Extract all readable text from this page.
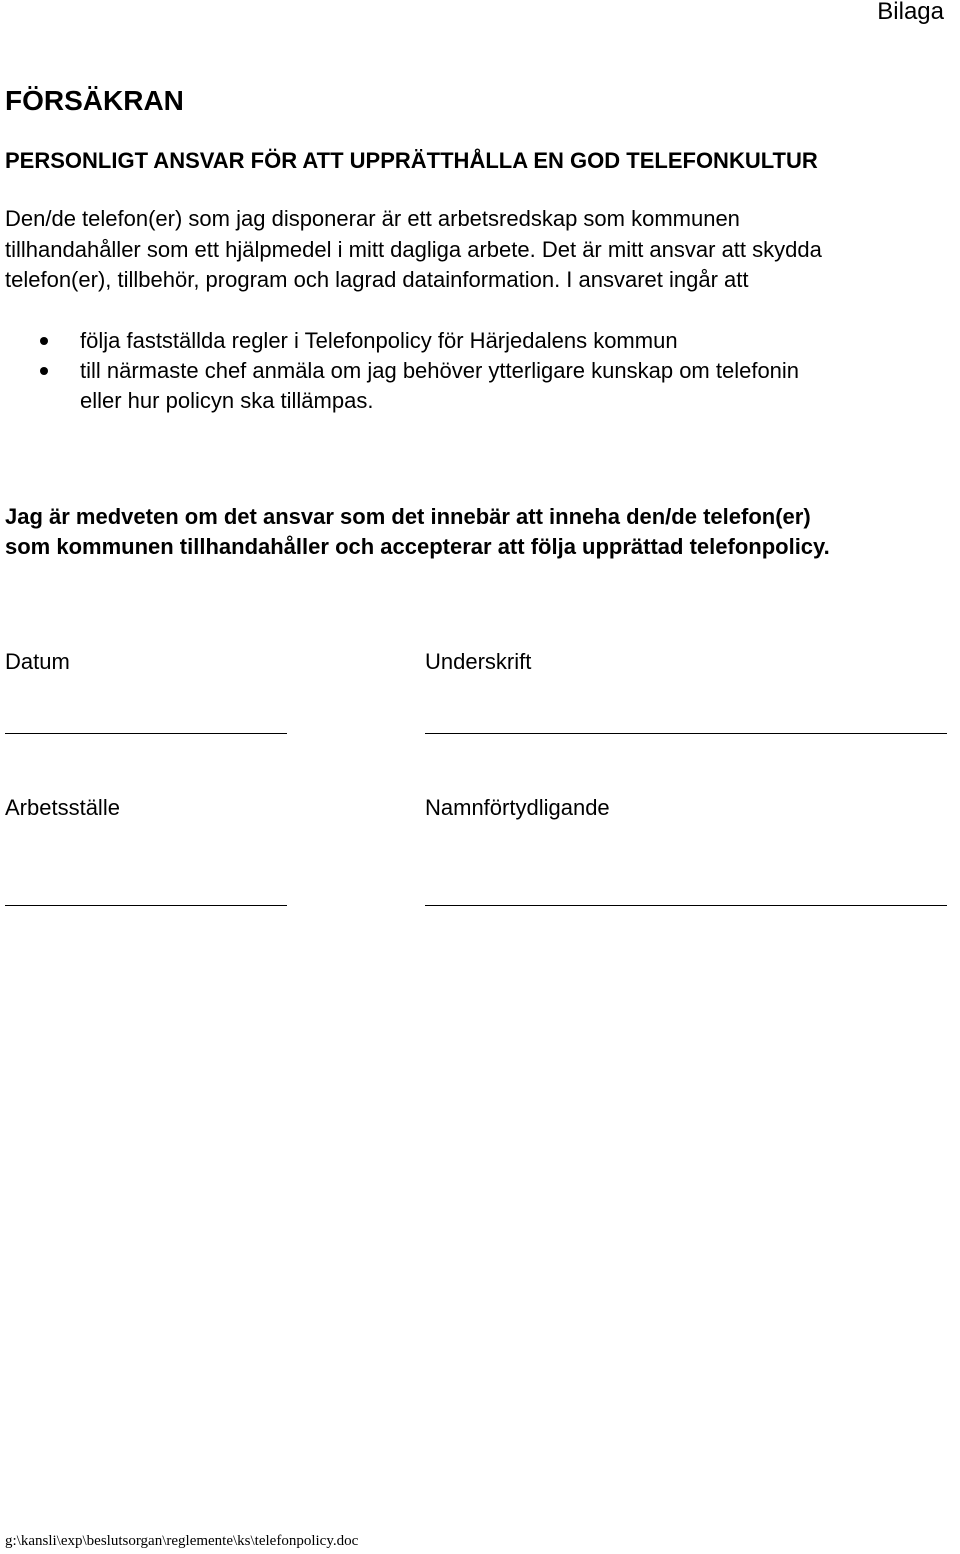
Bilaga
FÖRSÄKRAN
PERSONLIGT ANSVAR FÖR ATT UPPRÄTTHÅLLA EN GOD TELEFONKULTUR
Den/de telefon(er) som jag disponerar är ett arbetsredskap som kommunen
tillhandahåller som ett hjälpmedel i mitt dagliga arbete. Det är mitt ansvar att skydda
telefon(er), tillbehör, program och lagrad datainformation. I ansvaret ingår att
följa fastställda regler i Telefonpolicy för Härjedalens kommun
till närmaste chef anmäla om jag behöver ytterligare kunskap om telefonin
eller hur policyn ska tillämpas.
Jag är medveten om det ansvar som det innebär att inneha den/de telefon(er)
som kommunen tillhandahåller och accepterar att följa upprättad telefonpolicy.
Datum	Underskrift
Arbetsställe	Namnförtydligande
g:\kansli\exp\beslutsorgan\reglemente\ks\telefonpolicy.doc
